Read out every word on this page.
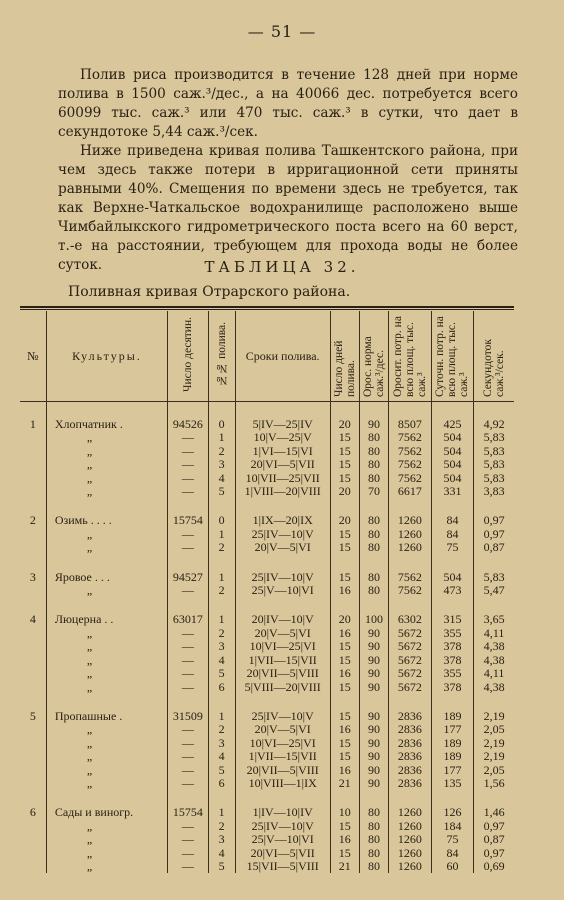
— 51 —

Полив риса производится в течение 128 дней при норме полива в 1500 саж.³/дес., а на 40066 дес. потребуется всего 60099 тыс. саж.³ или 470 тыс. саж.³ в сутки, что дает в секундотоке 5,44 саж.³/сек.

Ниже приведена кривая полива Ташкентского района, при чем здесь также потери в ирригационной сети приняты равными 40%. Смещения по времени здесь не требуется, так как Верхне-Чаткальское водохранилище расположено выше Чимбайлыкского гидрометрического поста всего на 60 верст, т.-е на расстоянии, требующем для прохода воды не более суток.	ТАБЛИЦА 32.
Поливная кривая Отрарского района.
№	Культуры.	Число десятин.	№№ полива.	Сроки полива.	Число дней полива.	Орос. норма саж.³/дес.	Оросит. потр. на всю площ. тыс. саж.³	Суточн. потр. на всю площ. тыс. саж.³	Секундоток саж.³/сек.
1	Хлопчатник .	94526	0	5|IV—25|IV	20	90	8507	425	4,92
	„	—	1	10|V—25|V	15	80	7562	504	5,83
	„	—	2	1|VI—15|VI	15	80	7562	504	5,83
	„	—	3	20|VI—5|VII	15	80	7562	504	5,83
	„	—	4	10|VII—25|VII	15	80	7562	504	5,83
	„	—	5	1|VIII—20|VIII	20	70	6617	331	3,83
2	Озимь . . . .	15754	0	1|IX—20|IX	20	80	1260	84	0,97
	„	—	1	25|IV—10|V	15	80	1260	84	0,97
	„	—	2	20|V—5|VI	15	80	1260	75	0,87
3	Яровое . . .	94527	1	25|IV—10|V	15	80	7562	504	5,83
	„	—	2	25|V—10|VI	16	80	7562	473	5,47
4	Люцерна . .	63017	1	20|IV—10|V	20	100	6302	315	3,65
	„	—	2	20|V—5|VI	16	90	5672	355	4,11
	„	—	3	10|VI—25|VI	15	90	5672	378	4,38
	„	—	4	1|VII—15|VII	15	90	5672	378	4,38
	„	—	5	20|VII—5|VIII	16	90	5672	355	4,11
	„	—	6	5|VIII—20|VIII	15	90	5672	378	4,38
5	Пропашные .	31509	1	25|IV—10|V	15	90	2836	189	2,19
	„	—	2	20|V—5|VI	16	90	2836	177	2,05
	„	—	3	10|VI—25|VI	15	90	2836	189	2,19
	„	—	4	1|VII—15|VII	15	90	2836	189	2,19
	„	—	5	20|VII—5|VIII	16	90	2836	177	2,05
	„	—	6	10|VIII—1|IX	21	90	2836	135	1,56
6	Сады и виногр.	15754	1	1|IV—10|IV	10	80	1260	126	1,46
	„	—	2	25|IV—10|V	15	80	1260	184	0,97
	„	—	3	25|V—10|VI	16	80	1260	75	0,87
	„	—	4	20|VI—5|VII	15	80	1260	84	0,97
	„	—	5	15|VII—5|VIII	21	80	1260	60	0,69
